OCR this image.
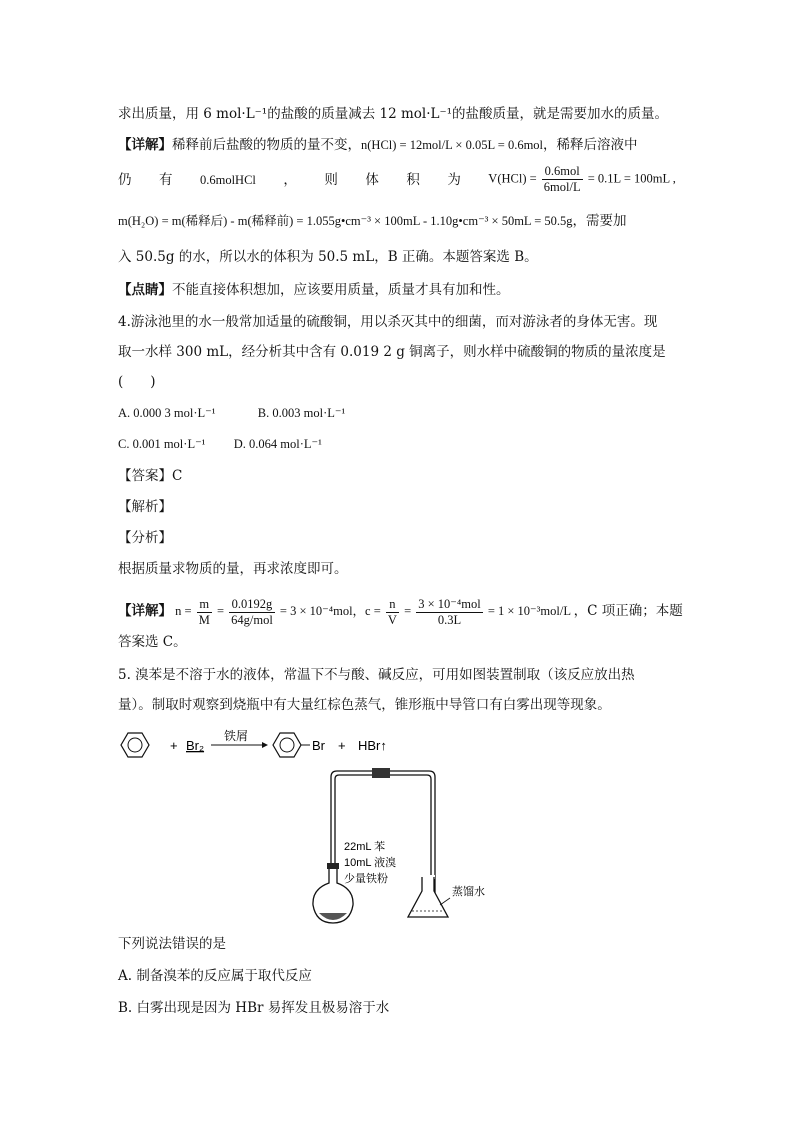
求出质量，用 6 mol·L⁻¹的盐酸的质量减去 12 mol·L⁻¹的盐酸质量，就是需要加水的质量。
【详解】稀释前后盐酸的物质的量不变，n(HCl) = 12mol/L × 0.05L = 0.6mol，稀释后溶液中
仍 有 0.6molHCl ， 则 体 积 为 $V(HCl) = \frac{\text{0.6mol}}{\text{6mol/L}} = 0.1L = 100mL$ ,
m(H₂O) = m(稀释后) - m(稀释前) = 1.055g•cm⁻³ × 100mL - 1.10g•cm⁻³ × 50mL = 50.5g，需要加
入 50.5g 的水，所以水的体积为 50.5 mL，B 正确。本题答案选 B。
【点睛】不能直接体积想加，应该要用质量，质量才具有加和性。
4.游泳池里的水一般常加适量的硫酸铜，用以杀灭其中的细菌，而对游泳者的身体无害。现
取一水样 300 mL，经分析其中含有 0.019 2 g 铜离子，则水样中硫酸铜的物质的量浓度是
(　　)
A. 0.000 3 mol·L⁻¹	B. 0.003 mol·L⁻¹
C. 0.001 mol·L⁻¹ D. 0.064 mol·L⁻¹
【答案】C
【解析】
【分析】
根据质量求物质的量，再求浓度即可。
【详解】 $n = \frac{m}{M} = \frac{0.0192g}{\text{64g/mol}} = 3 \times 10^{-4}mol$，$c = \frac{n}{V} = \frac{\text{3 × 10⁻⁴mol}}{0.3L} = 1 \times 10^{-3}mol/L$ ，C 项正确；本题
答案选 C。
5. 溴苯是不溶于水的液体，常温下不与酸、碱反应，可用如图装置制取（该反应放出热
量）。制取时观察到烧瓶中有大量红棕色蒸气，锥形瓶中导管口有白雾出现等现象。
+ Br₂
铁屑
Br + HBr↑
22mL 苯
10mL 液溴
少量铁粉
蒸馏水
下列说法错误的是
A. 制备溴苯的反应属于取代反应
B. 白雾出现是因为 HBr 易挥发且极易溶于水
